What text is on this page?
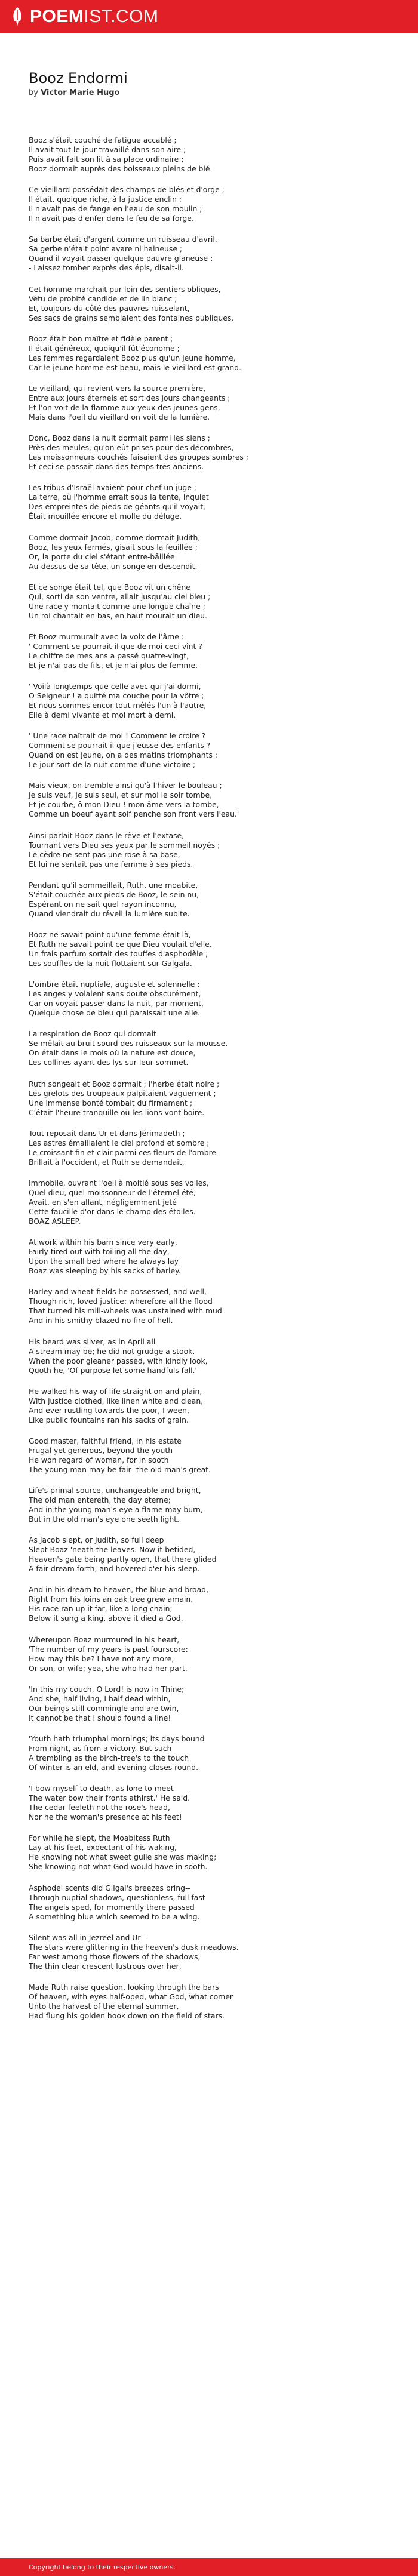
POEMIST.COM
Booz Endormi
by Victor Marie Hugo

Booz s'était couché de fatigue accablé ;
Il avait tout le jour travaillé dans son aire ;
Puis avait fait son lit à sa place ordinaire ;
Booz dormait auprès des boisseaux pleins de blé.

Ce vieillard possédait des champs de blés et d'orge ;
Il était, quoique riche, à la justice enclin ;
Il n'avait pas de fange en l'eau de son moulin ;
Il n'avait pas d'enfer dans le feu de sa forge.

Sa barbe était d'argent comme un ruisseau d'avril.
Sa gerbe n'était point avare ni haineuse ;
Quand il voyait passer quelque pauvre glaneuse :
- Laissez tomber exprès des épis, disait-il.

Cet homme marchait pur loin des sentiers obliques,
Vêtu de probité candide et de lin blanc ;
Et, toujours du côté des pauvres ruisselant,
Ses sacs de grains semblaient des fontaines publiques.

Booz était bon maître et fidèle parent ;
Il était généreux, quoiqu'il fût économe ;
Les femmes regardaient Booz plus qu'un jeune homme,
Car le jeune homme est beau, mais le vieillard est grand.

Le vieillard, qui revient vers la source première,
Entre aux jours éternels et sort des jours changeants ;
Et l'on voit de la flamme aux yeux des jeunes gens,
Mais dans l'oeil du vieillard on voit de la lumière.

Donc, Booz dans la nuit dormait parmi les siens ;
Près des meules, qu'on eût prises pour des décombres,
Les moissonneurs couchés faisaient des groupes sombres ;
Et ceci se passait dans des temps très anciens.

Les tribus d'Israël avaient pour chef un juge ;
La terre, où l'homme errait sous la tente, inquiet
Des empreintes de pieds de géants qu'il voyait,
Était mouillée encore et molle du déluge.

Comme dormait Jacob, comme dormait Judith,
Booz, les yeux fermés, gisait sous la feuillée ;
Or, la porte du ciel s'étant entre-bâillée
Au-dessus de sa tête, un songe en descendit.

Et ce songe était tel, que Booz vit un chêne
Qui, sorti de son ventre, allait jusqu'au ciel bleu ;
Une race y montait comme une longue chaîne ;
Un roi chantait en bas, en haut mourait un dieu.

Et Booz murmurait avec la voix de l'âme :
' Comment se pourrait-il que de moi ceci vînt ?
Le chiffre de mes ans a passé quatre-vingt,
Et je n'ai pas de fils, et je n'ai plus de femme.

' Voilà longtemps que celle avec qui j'ai dormi,
O Seigneur ! a quitté ma couche pour la vôtre ;
Et nous sommes encor tout mêlés l'un à l'autre,
Elle à demi vivante et moi mort à demi.

' Une race naîtrait de moi ! Comment le croire ?
Comment se pourrait-il que j'eusse des enfants ?
Quand on est jeune, on a des matins triomphants ;
Le jour sort de la nuit comme d'une victoire ;

Mais vieux, on tremble ainsi qu'à l'hiver le bouleau ;
Je suis veuf, je suis seul, et sur moi le soir tombe,
Et je courbe, ô mon Dieu ! mon âme vers la tombe,
Comme un boeuf ayant soif penche son front vers l'eau.'

Ainsi parlait Booz dans le rêve et l'extase,
Tournant vers Dieu ses yeux par le sommeil noyés ;
Le cèdre ne sent pas une rose à sa base,
Et lui ne sentait pas une femme à ses pieds.

Pendant qu'il sommeillait, Ruth, une moabite,
S'était couchée aux pieds de Booz, le sein nu,
Espérant on ne sait quel rayon inconnu,
Quand viendrait du réveil la lumière subite.

Booz ne savait point qu'une femme était là,
Et Ruth ne savait point ce que Dieu voulait d'elle.
Un frais parfum sortait des touffes d'asphodèle ;
Les souffles de la nuit flottaient sur Galgala.

L'ombre était nuptiale, auguste et solennelle ;
Les anges y volaient sans doute obscurément,
Car on voyait passer dans la nuit, par moment,
Quelque chose de bleu qui paraissait une aile.

La respiration de Booz qui dormait
Se mêlait au bruit sourd des ruisseaux sur la mousse.
On était dans le mois où la nature est douce,
Les collines ayant des lys sur leur sommet.

Ruth songeait et Booz dormait ; l'herbe était noire ;
Les grelots des troupeaux palpitaient vaguement ;
Une immense bonté tombait du firmament ;
C'était l'heure tranquille où les lions vont boire.

Tout reposait dans Ur et dans Jérimadeth ;
Les astres émaillaient le ciel profond et sombre ;
Le croissant fin et clair parmi ces fleurs de l'ombre
Brillait à l'occident, et Ruth se demandait,

Immobile, ouvrant l'oeil à moitié sous ses voiles,
Quel dieu, quel moissonneur de l'éternel été,
Avait, en s'en allant, négligemment jeté
Cette faucille d'or dans le champ des étoiles.
BOAZ ASLEEP.

At work within his barn since very early,
Fairly tired out with toiling all the day,
Upon the small bed where he always lay
Boaz was sleeping by his sacks of barley.

Barley and wheat-fields he possessed, and well,
Though rich, loved justice; wherefore all the flood
That turned his mill-wheels was unstained with mud
And in his smithy blazed no fire of hell.

His beard was silver, as in April all
A stream may be; he did not grudge a stook.
When the poor gleaner passed, with kindly look,
Quoth he, 'Of purpose let some handfuls fall.'

He walked his way of life straight on and plain,
With justice clothed, like linen white and clean,
And ever rustling towards the poor, I ween,
Like public fountains ran his sacks of grain.

Good master, faithful friend, in his estate
Frugal yet generous, beyond the youth
He won regard of woman, for in sooth
The young man may be fair--the old man's great.

Life's primal source, unchangeable and bright,
The old man entereth, the day eterne;
And in the young man's eye a flame may burn,
But in the old man's eye one seeth light.

As Jacob slept, or Judith, so full deep
Slept Boaz 'neath the leaves. Now it betided,
Heaven's gate being partly open, that there glided
A fair dream forth, and hovered o'er his sleep.

And in his dream to heaven, the blue and broad,
Right from his loins an oak tree grew amain.
His race ran up it far, like a long chain;
Below it sung a king, above it died a God.

Whereupon Boaz murmured in his heart,
'The number of my years is past fourscore:
How may this be? I have not any more,
Or son, or wife; yea, she who had her part.

'In this my couch, O Lord! is now in Thine;
And she, half living, I half dead within,
Our beings still commingle and are twin,
It cannot be that I should found a line!

'Youth hath triumphal mornings; its days bound
From night, as from a victory. But such
A trembling as the birch-tree's to the touch
Of winter is an eld, and evening closes round.

'I bow myself to death, as lone to meet
The water bow their fronts athirst.' He said.
The cedar feeleth not the rose's head,
Nor he the woman's presence at his feet!

For while he slept, the Moabitess Ruth
Lay at his feet, expectant of his waking,
He knowing not what sweet guile she was making;
She knowing not what God would have in sooth.

Asphodel scents did Gilgal's breezes bring--
Through nuptial shadows, questionless, full fast
The angels sped, for momently there passed
A something blue which seemed to be a wing.

Silent was all in Jezreel and Ur--
The stars were glittering in the heaven's dusk meadows.
Far west among those flowers of the shadows,
The thin clear crescent lustrous over her,

Made Ruth raise question, looking through the bars
Of heaven, with eyes half-oped, what God, what comer
Unto the harvest of the eternal summer,
Had flung his golden hook down on the field of stars.

Copyright belong to their respective owners.
